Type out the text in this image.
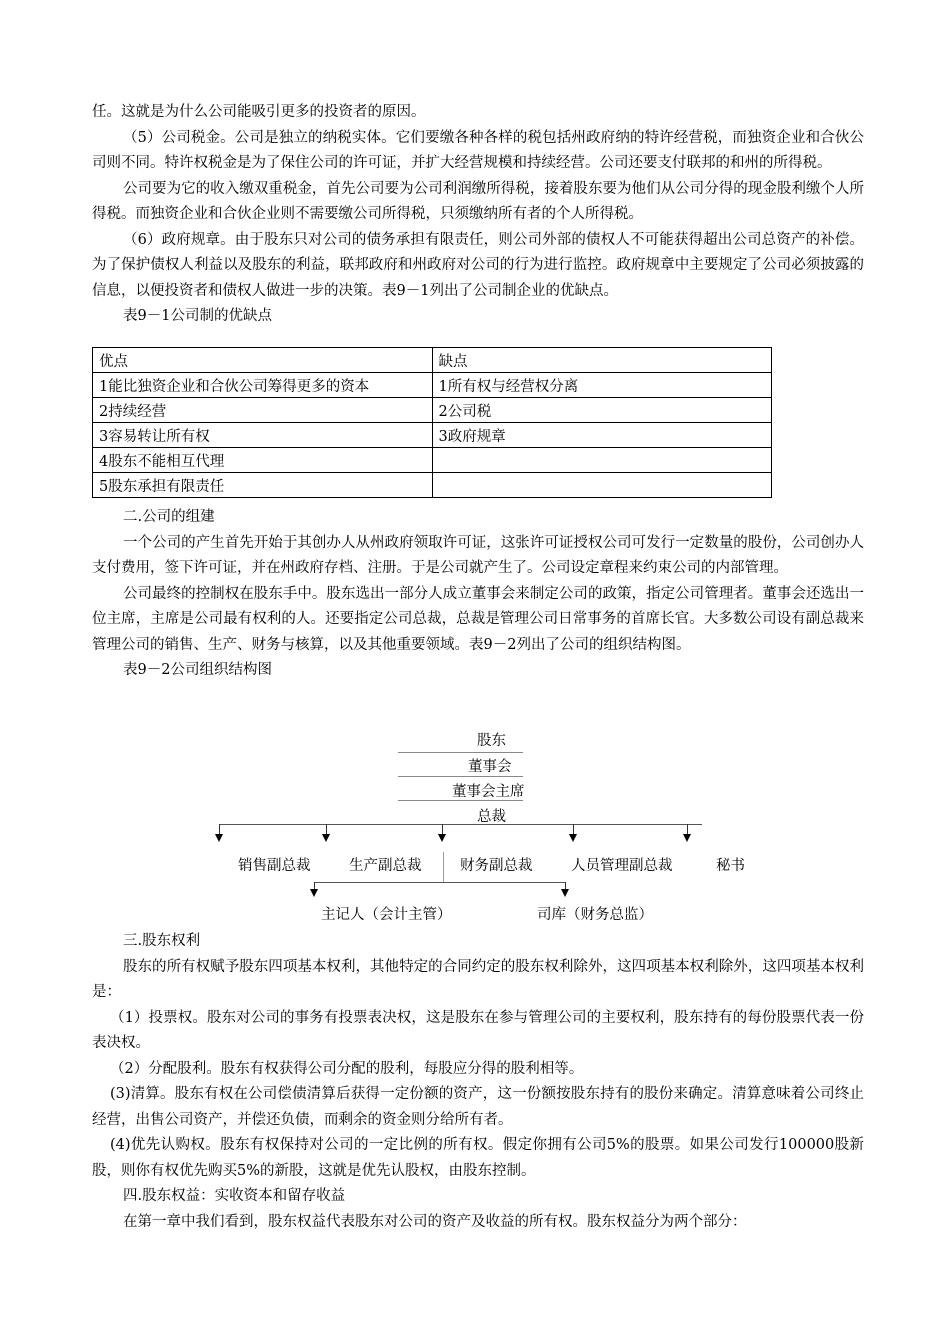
任。这就是为什么公司能吸引更多的投资者的原因。

（5）公司税金。公司是独立的纳税实体。它们要缴各种各样的税包括州政府纳的特许经营税，而独资企业和合伙公司则不同。特许权税金是为了保住公司的许可证，并扩大经营规模和持续经营。公司还要支付联邦的和州的所得税。

公司要为它的收入缴双重税金，首先公司要为公司利润缴所得税，接着股东要为他们从公司分得的现金股利缴个人所得税。而独资企业和合伙企业则不需要缴公司所得税，只须缴纳所有者的个人所得税。

（6）政府规章。由于股东只对公司的债务承担有限责任，则公司外部的债权人不可能获得超出公司总资产的补偿。为了保护债权人利益以及股东的利益，联邦政府和州政府对公司的行为进行监控。政府规章中主要规定了公司必须披露的信息，以便投资者和债权人做进一步的决策。表9－1列出了公司制企业的优缺点。

表9－1公司制的优缺点

优点	缺点
1能比独资企业和合伙公司筹得更多的资本	1所有权与经营权分离
2持续经营	2公司税
3容易转让所有权	3政府规章
4股东不能相互代理	
5股东承担有限责任	

二.公司的组建

一个公司的产生首先开始于其创办人从州政府领取许可证，这张许可证授权公司可发行一定数量的股份，公司创办人支付费用，签下许可证，并在州政府存档、注册。于是公司就产生了。公司设定章程来约束公司的内部管理。

公司最终的控制权在股东手中。股东选出一部分人成立董事会来制定公司的政策，指定公司管理者。董事会还选出一位主席，主席是公司最有权利的人。还要指定公司总裁，总裁是管理公司日常事务的首席长官。大多数公司设有副总裁来管理公司的销售、生产、财务与核算，以及其他重要领域。表9－2列出了公司的组织结构图。

表9－2公司组织结构图

股东
董事会
董事会主席
总裁
销售副总裁	生产副总裁	财务副总裁	人员管理副总裁	秘书
主记人（会计主管）	司库（财务总监）

三.股东权利

股东的所有权赋予股东四项基本权利，其他特定的合同约定的股东权利除外，这四项基本权利除外，这四项基本权利是：

（1）投票权。股东对公司的事务有投票表决权，这是股东在参与管理公司的主要权利，股东持有的每份股票代表一份表决权。

（2）分配股利。股东有权获得公司分配的股利，每股应分得的股利相等。

(3)清算。股东有权在公司偿债清算后获得一定份额的资产，这一份额按股东持有的股份来确定。清算意味着公司终止经营，出售公司资产，并偿还负债，而剩余的资金则分给所有者。

(4)优先认购权。股东有权保持对公司的一定比例的所有权。假定你拥有公司5%的股票。如果公司发行100000股新股，则你有权优先购买5%的新股，这就是优先认股权，由股东控制。

四.股东权益：实收资本和留存收益

在第一章中我们看到，股东权益代表股东对公司的资产及收益的所有权。股东权益分为两个部分：
